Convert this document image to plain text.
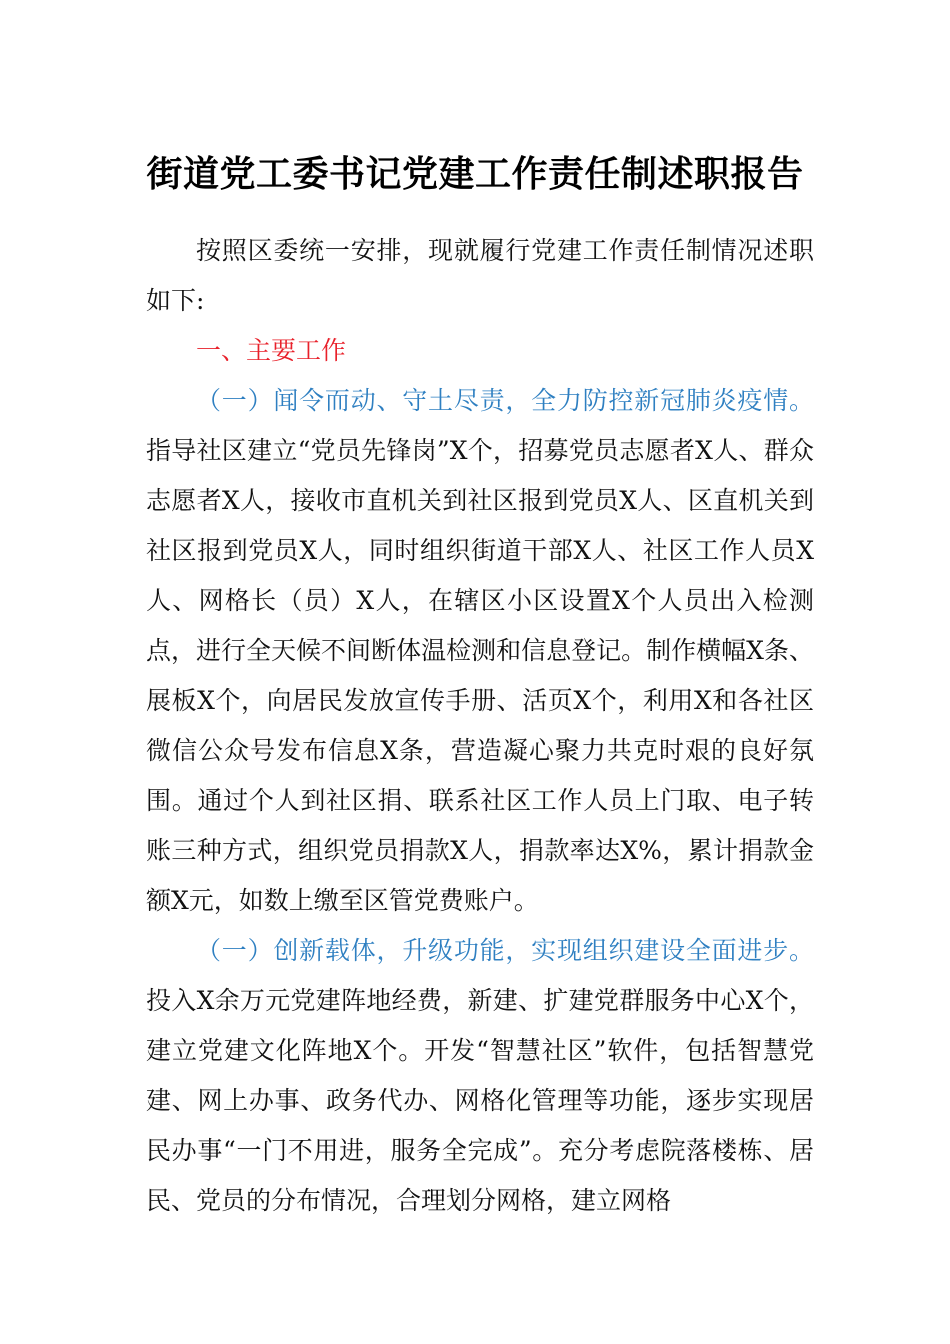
街道党工委书记党建工作责任制述职报告
按照区委统一安排，现就履行党建工作责任制情况述职如下:
一、主要工作
（一）闻令而动、守土尽责，全力防控新冠肺炎疫情。指导社区建立“党员先锋岗”X个，招募党员志愿者X人、群众志愿者X人，接收市直机关到社区报到党员X人、区直机关到社区报到党员X人，同时组织街道干部X人、社区工作人员X人、网格长（员）X人，在辖区小区设置X个人员出入检测点，进行全天候不间断体温检测和信息登记。制作横幅X条、展板X个，向居民发放宣传手册、活页X个，利用X和各社区微信公众号发布信息X条，营造凝心聚力共克时艰的良好氛围。通过个人到社区捐、联系社区工作人员上门取、电子转账三种方式，组织党员捐款X人，捐款率达X%，累计捐款金额X元，如数上缴至区管党费账户。
（一）创新载体，升级功能，实现组织建设全面进步。投入X余万元党建阵地经费，新建、扩建党群服务中心X个，建立党建文化阵地X个。开发“智慧社区”软件，包括智慧党建、网上办事、政务代办、网格化管理等功能，逐步实现居民办事“一门不用进，服务全完成”。充分考虑院落楼栋、居民、党员的分布情况，合理划分网格，建立网格
